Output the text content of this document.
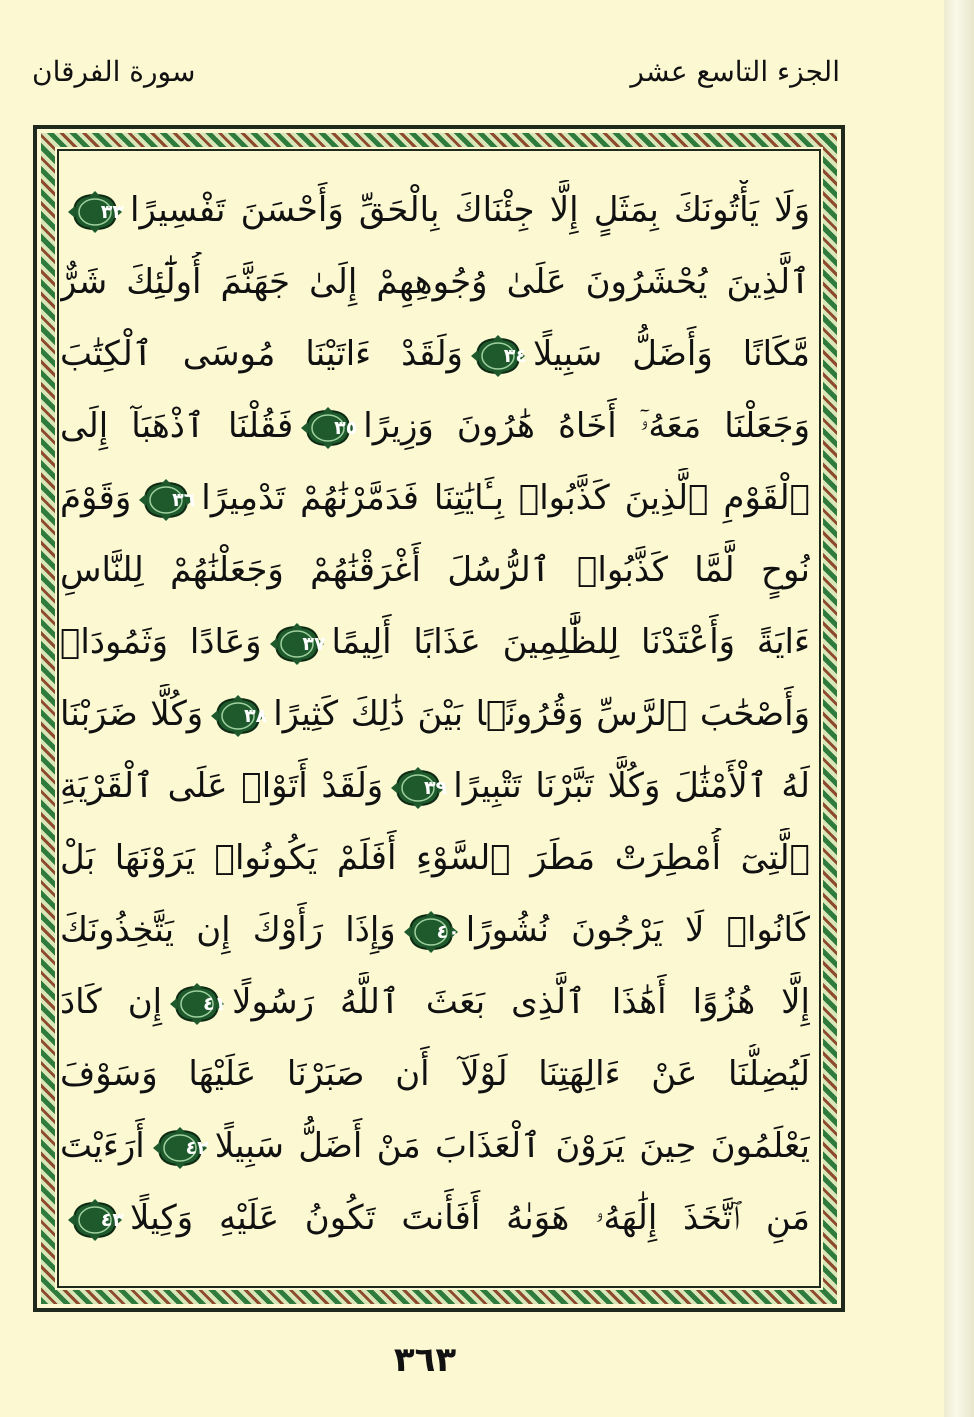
الجزء التاسع عشر
سورة الفرقان
وَلَا يَأْتُونَكَ بِمَثَلٍ إِلَّا جِئْنَاكَ بِالْحَقِّ وَأَحْسَنَ تَفْسِيرًا
٣٣
ٱلَّذِينَ يُحْشَرُونَ عَلَىٰ وُجُوهِهِمْ إِلَىٰ جَهَنَّمَ أُولَٰٓئِكَ شَرٌّ
مَّكَانًا وَأَضَلُّ سَبِيلًا
٣٤
وَلَقَدْ ءَاتَيْنَا مُوسَى ٱلْكِتَٰبَ
وَجَعَلْنَا مَعَهُۥٓ أَخَاهُ هَٰرُونَ وَزِيرًا
٣٥
فَقُلْنَا ٱذْهَبَآ إِلَى
ٱلْقَوْمِ ٱلَّذِينَ كَذَّبُوا۟ بِـَٔايَٰتِنَا فَدَمَّرْنَٰهُمْ تَدْمِيرًا
٣٦
وَقَوْمَ
نُوحٍ لَّمَّا كَذَّبُوا۟ ٱلرُّسُلَ أَغْرَقْنَٰهُمْ وَجَعَلْنَٰهُمْ لِلنَّاسِ
ءَايَةً وَأَعْتَدْنَا لِلظَّٰلِمِينَ عَذَابًا أَلِيمًا
٣٧
وَعَادًا وَثَمُودَا۟
وَأَصْحَٰبَ ٱلرَّسِّ وَقُرُونًۢا بَيْنَ ذَٰلِكَ كَثِيرًا
٣٨
وَكُلًّا ضَرَبْنَا
لَهُ ٱلْأَمْثَٰلَ وَكُلًّا تَبَّرْنَا تَتْبِيرًا
٣٩
وَلَقَدْ أَتَوْا۟ عَلَى ٱلْقَرْيَةِ
ٱلَّتِىٓ أُمْطِرَتْ مَطَرَ ٱلسَّوْءِ أَفَلَمْ يَكُونُوا۟ يَرَوْنَهَا بَلْ
كَانُوا۟ لَا يَرْجُونَ نُشُورًا
٤٠
وَإِذَا رَأَوْكَ إِن يَتَّخِذُونَكَ
إِلَّا هُزُوًا أَهَٰذَا ٱلَّذِى بَعَثَ ٱللَّهُ رَسُولًا
٤١
إِن كَادَ
لَيُضِلُّنَا عَنْ ءَالِهَتِنَا لَوْلَآ أَن صَبَرْنَا عَلَيْهَا وَسَوْفَ
يَعْلَمُونَ حِينَ يَرَوْنَ ٱلْعَذَابَ مَنْ أَضَلُّ سَبِيلًا
٤٢
أَرَءَيْتَ
مَنِ ٱتَّخَذَ إِلَٰهَهُۥ هَوَىٰهُ أَفَأَنتَ تَكُونُ عَلَيْهِ وَكِيلًا
٤٣
٣٦٣
